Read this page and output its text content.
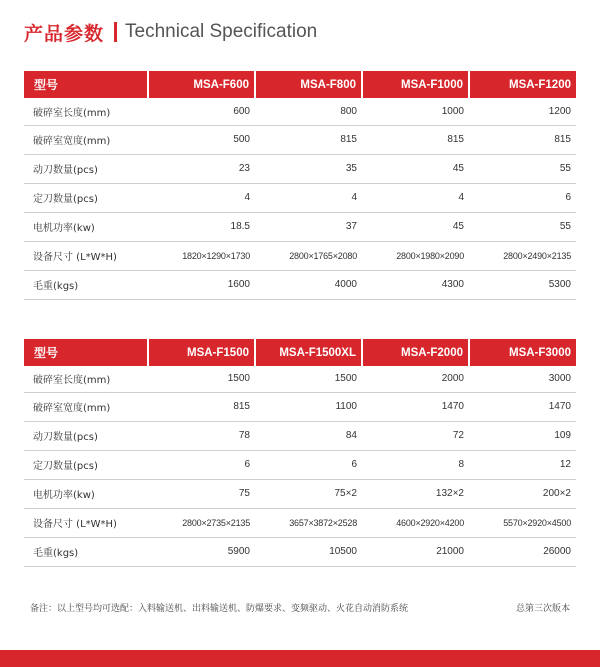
产品参数 Technical Specification
型号	MSA-F600	MSA-F800	MSA-F1000	MSA-F1200
破碎室长度(mm)	600	800	1000	1200
破碎室宽度(mm)	500	815	815	815
动刀数量(pcs)	23	35	45	55
定刀数量(pcs)	4	4	4	6
电机功率(kw)	18.5	37	45	55
设备尺寸 (L*W*H)	1820×1290×1730	2800×1765×2080	2800×1980×2090	2800×2490×2135
毛重(kgs)	1600	4000	4300	5300
型号	MSA-F1500	MSA-F1500XL	MSA-F2000	MSA-F3000
破碎室长度(mm)	1500	1500	2000	3000
破碎室宽度(mm)	815	1100	1470	1470
动刀数量(pcs)	78	84	72	109
定刀数量(pcs)	6	6	8	12
电机功率(kw)	75	75×2	132×2	200×2
设备尺寸 (L*W*H)	2800×2735×2135	3657×3872×2528	4600×2920×4200	5570×2920×4500
毛重(kgs)	5900	10500	21000	26000
备注：以上型号均可选配：入料输送机、出料输送机、防爆要求、变频驱动、火花自动消防系统	总第三次版本
